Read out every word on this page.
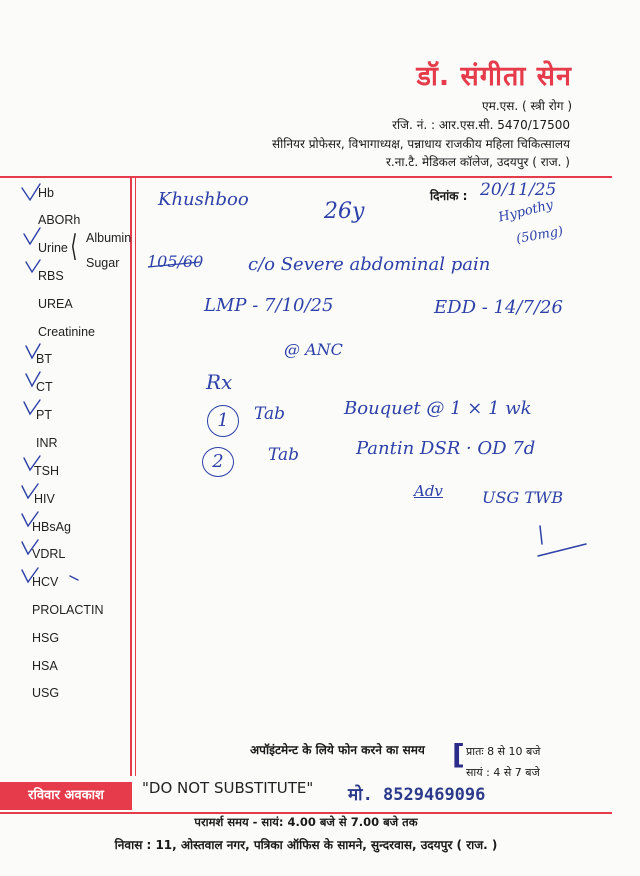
डॉ. संगीता सेन
एम.एस. ( स्त्री रोग )
रजि. नं. : आर.एस.सी. 5470/17500
सीनियर प्रोफेसर, विभागाध्यक्ष, पन्नाधाय राजकीय महिला चिकित्सालय
र.ना.टै. मेडिकल कॉलेज, उदयपुर ( राज. )
Hb
ABORh
Urine ⟨ Albumin
Sugar
RBS
UREA
Creatinine
BT
CT
PT
INR
TSH
HIV
HBsAg
VDRL
HCV
PROLACTIN
HSG
HSA
USG
दिनांक : 20/11/25
Khushboo	26y	Hypothy
(50mg)
105/60 c/o Severe abdominal pain
LMP - 7/10/25	EDD - 14/7/26
@ ANC
Rx
1	Tab	Bouquet @ 1 × 1 wk
2	Tab	Pantin DSR · OD 7d
Adv USG TWB
अपॉइंटमेन्ट के लिये फोन करने का समय [ प्रातः 8 से 10 बजे
सायं : 4 से 7 बजे
रविवार अवकाश	"DO NOT SUBSTITUTE" मो. 8529469096
परामर्श समय - सायं: 4.00 बजे से 7.00 बजे तक
निवास : 11, ओस्तवाल नगर, पत्रिका ऑफिस के सामने, सुन्दरवास, उदयपुर ( राज. )
